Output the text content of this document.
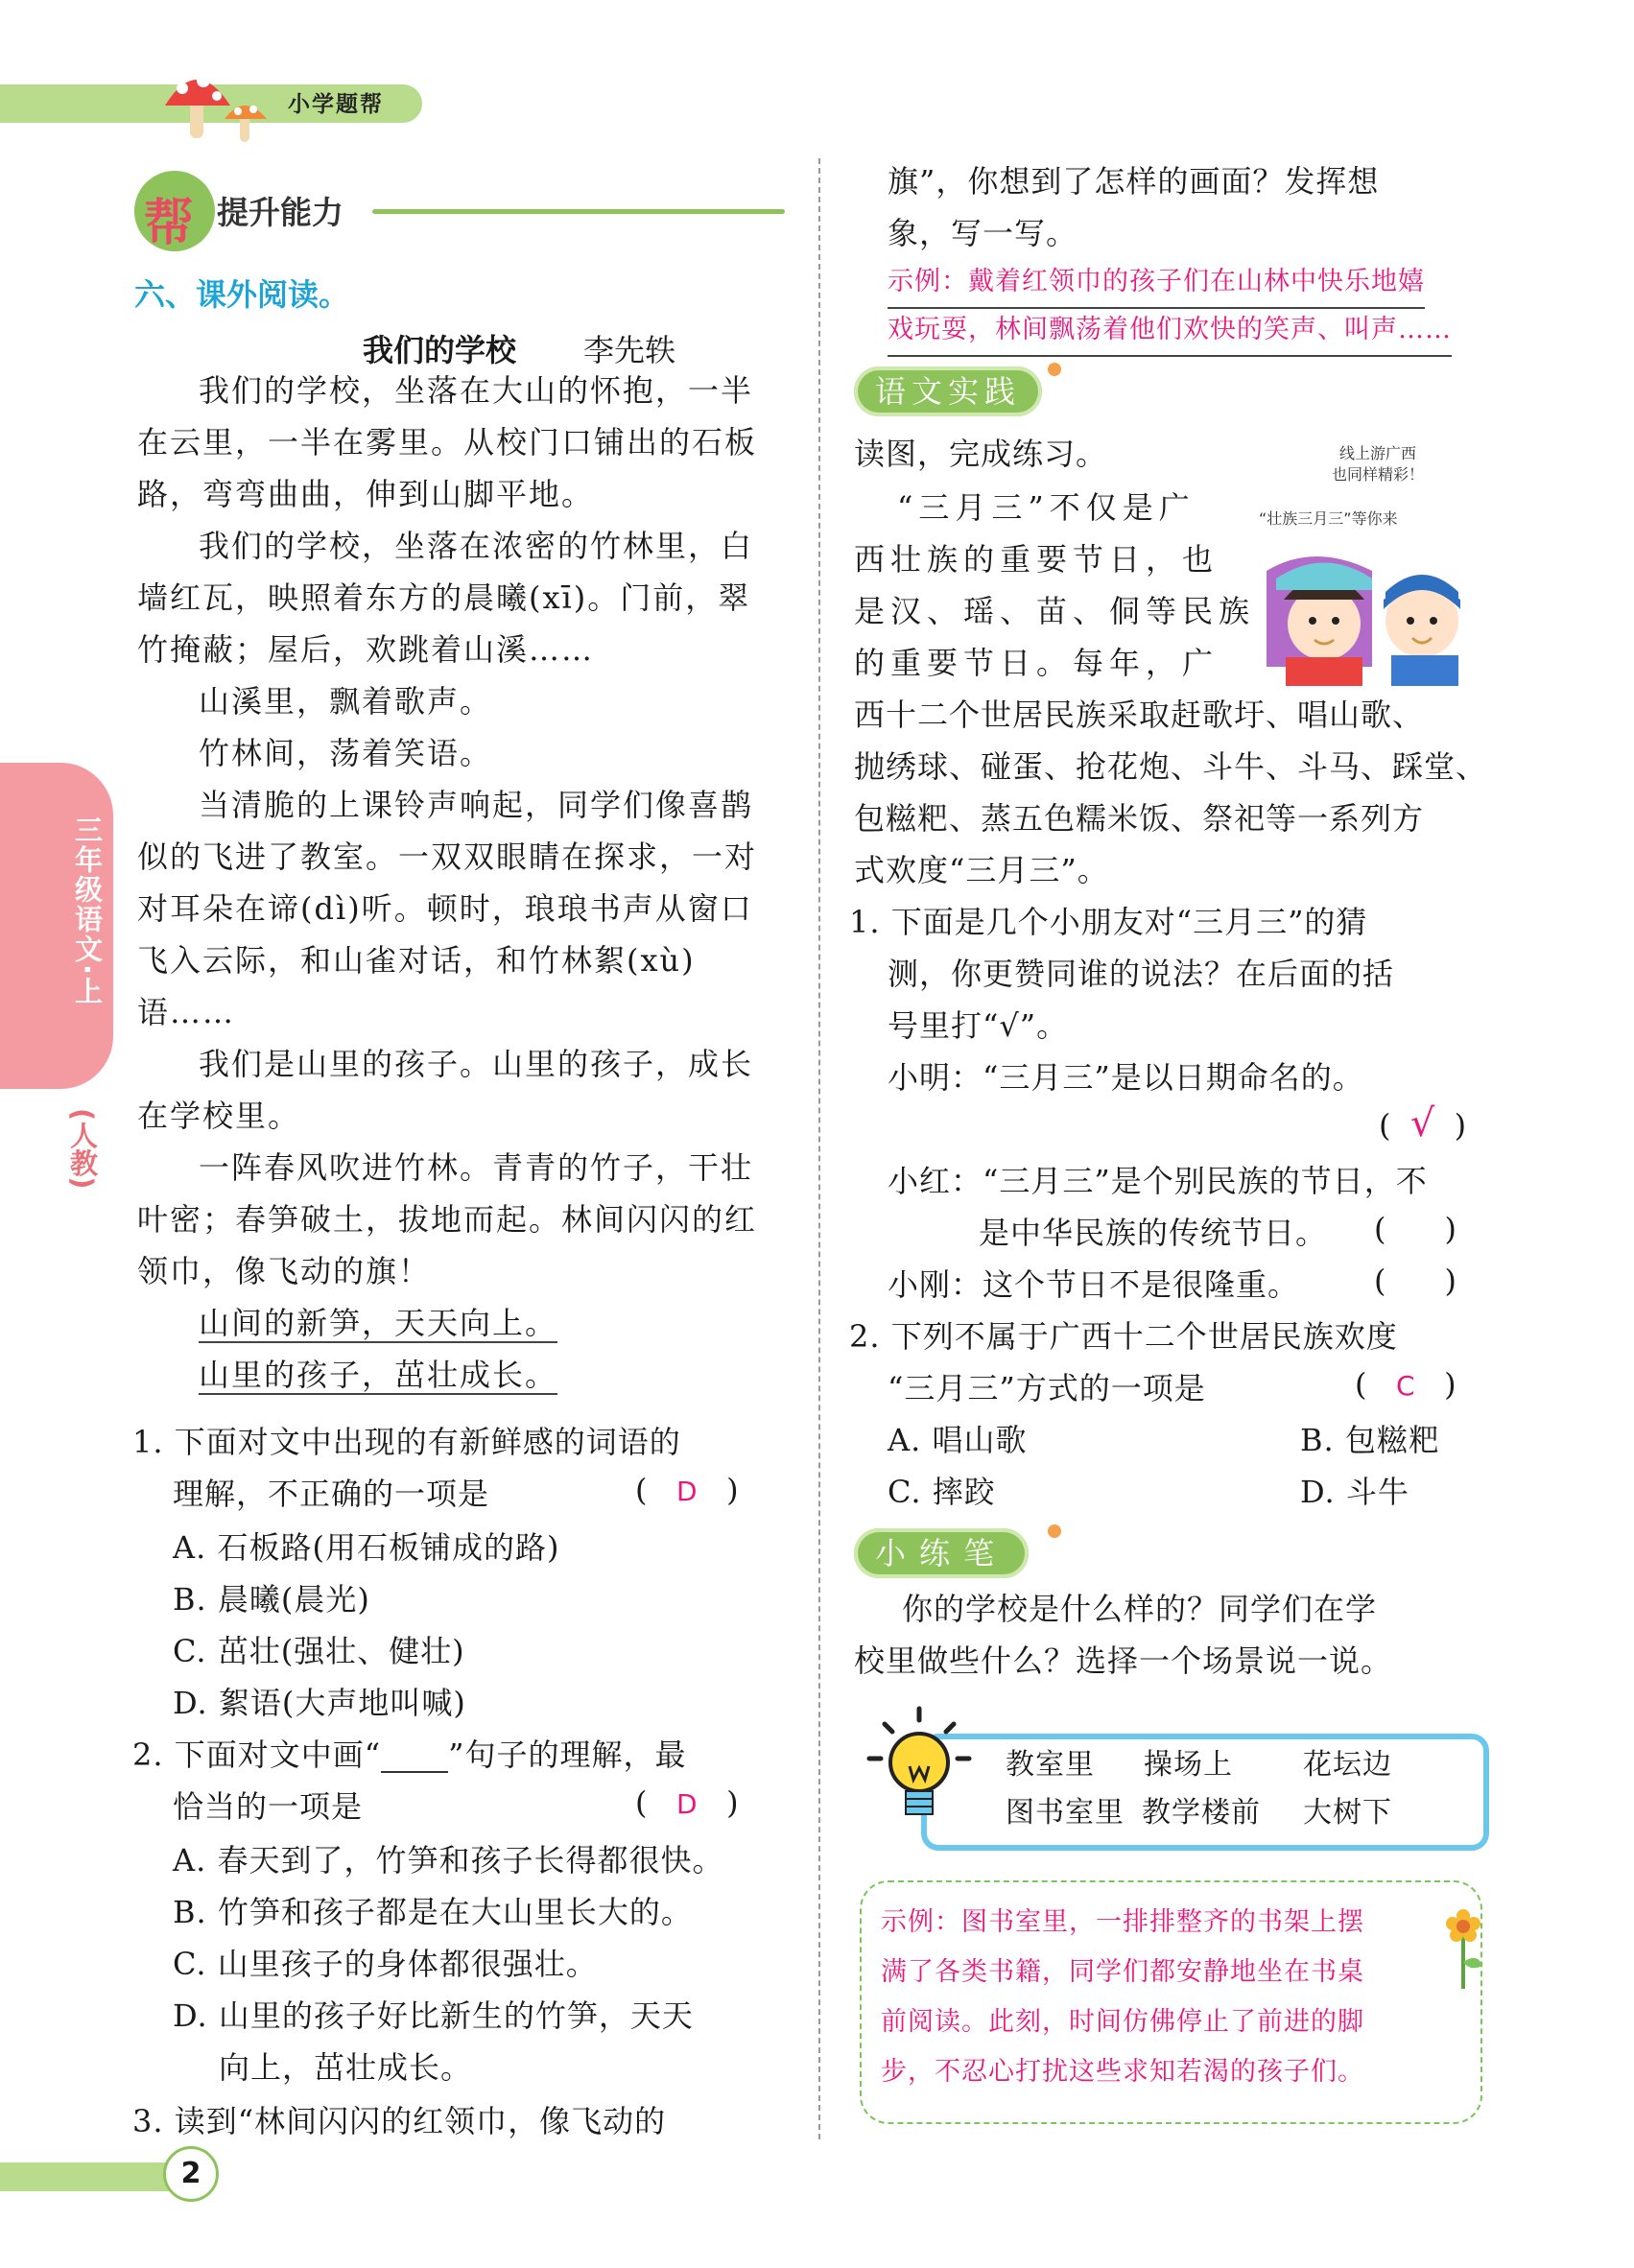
小学题帮
三年级语文·上
(人教)
帮 提升能力
六、课外阅读。
我们的学校 李先轶

我们的学校，坐落在大山的怀抱，一半在云里，一半在雾里。从校门口铺出的石板路，弯弯曲曲，伸到山脚平地。

我们的学校，坐落在浓密的竹林里，白墙红瓦，映照着东方的晨曦(xī)。门前，翠竹掩蔽；屋后，欢跳着山溪……

山溪里，飘着歌声。

竹林间，荡着笑语。

当清脆的上课铃声响起，同学们像喜鹊似的飞进了教室。一双双眼睛在探求，一对对耳朵在谛(dì)听。顿时，琅琅书声从窗口飞入云际，和山雀对话，和竹林絮(xù)语……

我们是山里的孩子。山里的孩子，成长在学校里。

一阵春风吹进竹林。青青的竹子，干壮叶密；春笋破土，拔地而起。林间闪闪的红领巾，像飞动的旗！

山间的新笋，天天向上。

山里的孩子，茁壮成长。

1. 下面对文中出现的有新鲜感的词语的
理解，不正确的一项是	(   D   )
A. 石板路(用石板铺成的路)
B. 晨曦(晨光)
C. 茁壮(强壮、健壮)
D. 絮语(大声地叫喊)
2. 下面对文中画“ ”句子的理解，最
恰当的一项是	(   D   )
A. 春天到了，竹笋和孩子长得都很快。
B. 竹笋和孩子都是在大山里长大的。
C. 山里孩子的身体都很强壮。
D. 山里的孩子好比新生的竹笋，天天
向上，茁壮成长。
3. 读到“林间闪闪的红领巾，像飞动的
旗”，你想到了怎样的画面？发挥想
象，写一写。
示例：戴着红领巾的孩子们在山林中快乐地嬉
戏玩耍，林间飘荡着他们欢快的笑声、叫声……
语文实践
读图，完成练习。	线上游广西
也同样精彩！
“壮族三月三”等你来
“三月三”不仅是广
西壮族的重要节日，也
是汉、瑶、苗、侗等民族
的重要节日。每年，广
西十二个世居民族采取赶歌圩、唱山歌、
抛绣球、碰蛋、抢花炮、斗牛、斗马、踩堂、
包糍粑、蒸五色糯米饭、祭祀等一系列方
式欢度“三月三”。
1. 下面是几个小朋友对“三月三”的猜
测，你更赞同谁的说法？在后面的括
号里打“√”。
小明：“三月三”是以日期命名的。
(  √  )
小红：“三月三”是个别民族的节日，不
是中华民族的传统节日。 (      )
小刚：这个节日不是很隆重。 (      )
2. 下列不属于广西十二个世居民族欢度
“三月三”方式的一项是	(   C   )
A. 唱山歌	B. 包糍粑
C. 摔跤	D. 斗牛
小练笔
你的学校是什么样的？同学们在学
校里做些什么？选择一个场景说一说。
教室里 操场上 花坛边
图书室里 教学楼前 大树下
示例：图书室里，一排排整齐的书架上摆
满了各类书籍，同学们都安静地坐在书桌
前阅读。此刻，时间仿佛停止了前进的脚
步，不忍心打扰这些求知若渴的孩子们。
2
